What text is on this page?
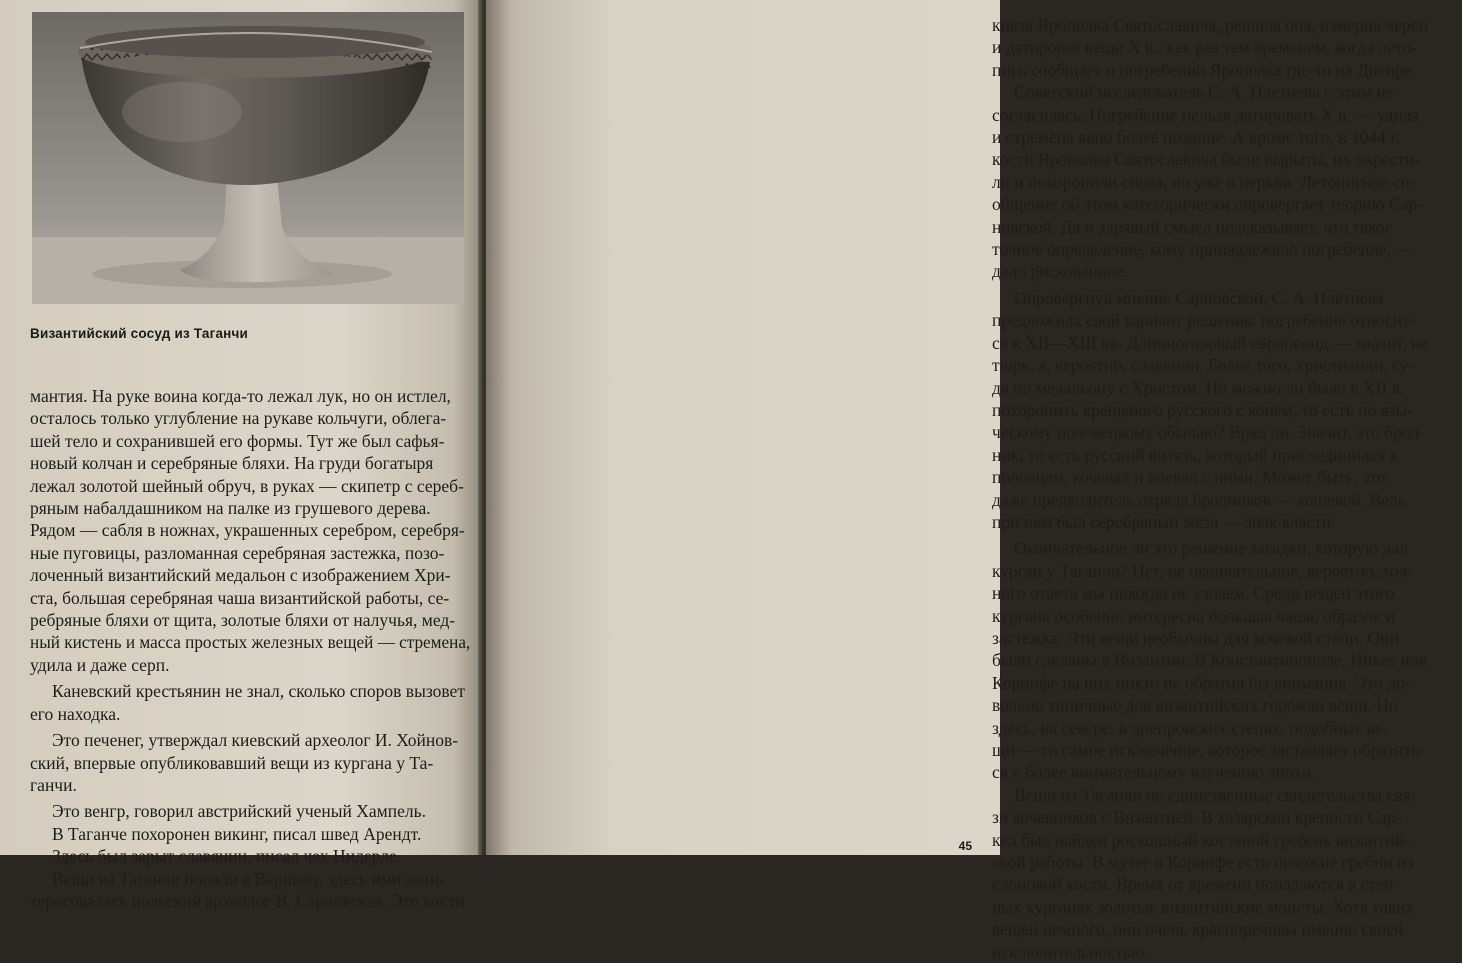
Византийский сосуд из Таганчи
мантия. На руке воина когда-то лежал лук, но он истлел,
осталось только углубление на рукаве кольчуги, облега-
шей тело и сохранившей его формы. Тут же был сафья-
новый колчан и серебряные бляхи. На груди богатыря
лежал золотой шейный обруч, в руках — скипетр с сереб-
ряным набалдашником на палке из грушевого дерева.
Рядом — сабля в ножнах, украшенных серебром, серебря-
ные пуговицы, разломанная серебряная застежка, позо-
лоченный византийский медальон с изображением Хри-
ста, большая серебряная чаша византийской работы, се-
ребряные бляхи от щита, золотые бляхи от налучья, мед-
ный кистень и масса простых железных вещей — стремена,
удила и даже серп.
Каневский крестьянин не знал, сколько споров вызовет
его находка.
Это печенег, утверждал киевский археолог И. Хойнов-
ский, впервые опубликовавший вещи из кургана у Та-
ганчи.
Это венгр, говорил австрийский ученый Хампель.
В Таганче похоронен викинг, писал швед Арендт.
Здесь был зарыт славянин, писал чех Нидерле.
Вещи из Таганчи попали в Варшаву, здесь ими заин-
тересовалась польский археолог В. Сарновская. Это кости
князя Ярополка Святославича, решила она, измерив череп
и датировав вещи X в., как раз тем временем, когда лето-
пись сообщает о погребении Ярополка где-то на Днепре.
Советский исследователь С. А. Плетнева с этим не
согласилась. Погребение нельзя датировать X в. — удила
и стремена явно более поздние. А кроме того, в 1044 г.
кости Ярополка Святославича были вырыты, их окрести-
ли и похоронили снова, но уже в церкви. Летописное со-
общение об этом категорически опровергает теорию Сар-
новской. Да и здравый смысл подсказывает, что такое
точное определение, кому принадлежало погребение, —
дело рискованное.
Опровергнув мнение Сарновской, С. А. Плетнева
предложила свой вариант решения: погребение относит-
ся к XII—XIII вв. Длинноголовый европеоид — значит, не
тюрк, а, вероятно, славянин. Более того, христианин, су-
дя по медальону с Христом. Но можно ли было в XII в.
похоронить крещеного русского с конем, то есть по язы-
ческому половецкому обычаю? Вряд ли. Значит, это брод-
ник, то есть русский витязь, который присоединился к
половцам, кочевал и воевал с ними. Может быть, это
даже предводитель отряда бродников — кошевой. Ведь
при нем был серебряный жезл — знак власти.
Окончательное ли это решение загадки, которую дал
курган у Таганчи? Нет, не окончательное, вероятно, точ-
ного ответа мы никогда не узнаем. Среди вещей этого
кургана особенно интересна большая чаша, образок и
застежка. Эти вещи необычны для кочевой степи. Они
были сделаны в Византии. В Константинополе, Никее или
Коринфе на них никто не обратил бы внимания. Это до-
вольно типичные для византийских горожан вещи. Но
здесь, на севере, в днепровских степях, подобные ве-
щи — то самое исключение, которое заставляет обратить-
ся к более внимательному изучению эпохи.
Вещи из Таганчи не единственные свидетельства свя-
зи кочевников с Византией. В хазарской крепости Сар-
кел был найден роскошный костяной гребень византий-
ской работы. В музее в Коринфе есть похожие гребни из
слоновой кости. Время от времени попадаются в степ-
ных курганах золотые византийские монеты. Хотя таких
вещей немного, они очень красноречивы именно своей
исключительностью.
45
